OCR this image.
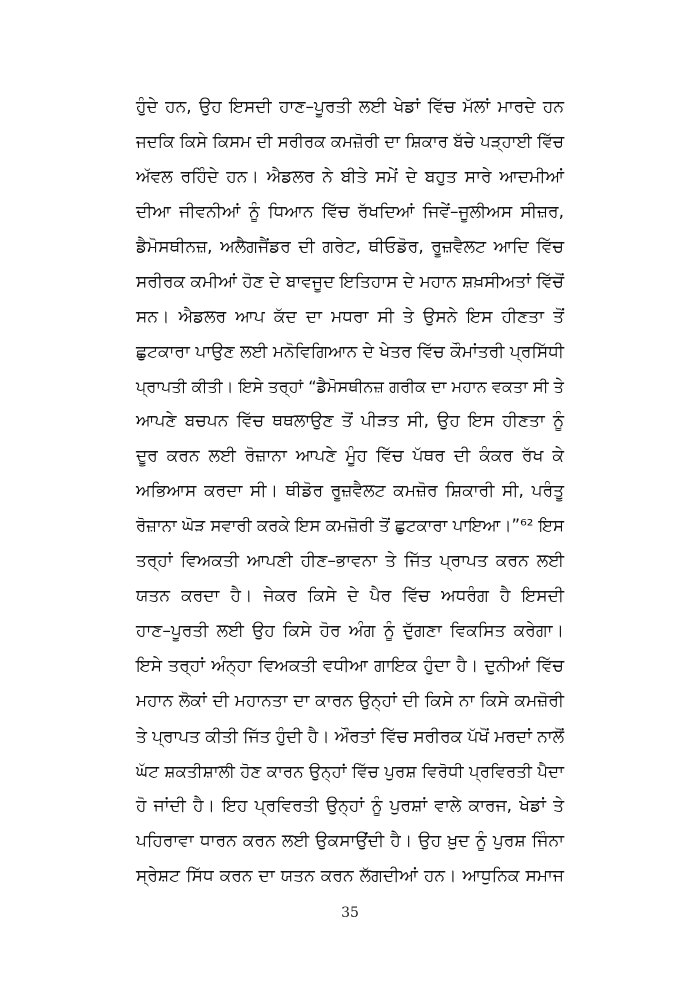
ਹੁੰਦੇ ਹਨ, ਉਹ ਇਸਦੀ ਹਾਣ–ਪੂਰਤੀ ਲਈ ਖੇਡਾਂ ਵਿੱਚ ਮੱਲਾਂ ਮਾਰਦੇ ਹਨ
ਜਦਕਿ ਕਿਸੇ ਕਿਸਮ ਦੀ ਸਰੀਰਕ ਕਮਜ਼ੋਰੀ ਦਾ ਸ਼ਿਕਾਰ ਬੱਚੇ ਪੜ੍ਹਾਈ ਵਿੱਚ
ਅੱਵਲ ਰਹਿੰਦੇ ਹਨ। ਐਡਲਰ ਨੇ ਬੀਤੇ ਸਮੇਂ ਦੇ ਬਹੁਤ ਸਾਰੇ ਆਦਮੀਆਂ
ਦੀਆ ਜੀਵਨੀਆਂ ਨੂੰ ਧਿਆਨ ਵਿੱਚ ਰੱਖਦਿਆਂ ਜਿਵੇਂ–ਜੂਲੀਅਸ ਸੀਜ਼ਰ,
ਡੈਮੋਸਥੀਨਜ਼, ਅਲੈਗਜੈਂਡਰ ਦੀ ਗਰੇਟ, ਥੀਓਡੋਰ, ਰੂਜ਼ਵੈਲਟ ਆਦਿ ਵਿੱਚ
ਸਰੀਰਕ ਕਮੀਆਂ ਹੋਣ ਦੇ ਬਾਵਜੂਦ ਇਤਿਹਾਸ ਦੇ ਮਹਾਨ ਸ਼ਖ਼ਸੀਅਤਾਂ ਵਿੱਚੋਂ
ਸਨ। ਐਡਲਰ ਆਪ ਕੱਦ ਦਾ ਮਧਰਾ ਸੀ ਤੇ ਉਸਨੇ ਇਸ ਹੀਣਤਾ ਤੋਂ
ਛੁਟਕਾਰਾ ਪਾਉਣ ਲਈ ਮਨੋਵਿਗਿਆਨ ਦੇ ਖੇਤਰ ਵਿੱਚ ਕੌਮਾਂਤਰੀ ਪ੍ਰਸਿੱਧੀ
ਪ੍ਰਾਪਤੀ ਕੀਤੀ। ਇਸੇ ਤਰ੍ਹਾਂ “ਡੈਮੋਸਥੀਨਜ਼ ਗਰੀਕ ਦਾ ਮਹਾਨ ਵਕਤਾ ਸੀ ਤੇ
ਆਪਣੇ ਬਚਪਨ ਵਿੱਚ ਥਥਲਾਉਣ ਤੋਂ ਪੀੜਤ ਸੀ, ਉਹ ਇਸ ਹੀਣਤਾ ਨੂੰ
ਦੂਰ ਕਰਨ ਲਈ ਰੋਜ਼ਾਨਾ ਆਪਣੇ ਮੂੰਹ ਵਿੱਚ ਪੱਥਰ ਦੀ ਕੰਕਰ ਰੱਖ ਕੇ
ਅਭਿਆਸ ਕਰਦਾ ਸੀ। ਥੀਡੋਰ ਰੂਜ਼ਵੈਲਟ ਕਮਜ਼ੋਰ ਸ਼ਿਕਾਰੀ ਸੀ, ਪਰੰਤੂ
ਰੋਜ਼ਾਨਾ ਘੋੜ ਸਵਾਰੀ ਕਰਕੇ ਇਸ ਕਮਜ਼ੋਰੀ ਤੋਂ ਛੁਟਕਾਰਾ ਪਾਇਆ।”⁶² ਇਸ
ਤਰ੍ਹਾਂ ਵਿਅਕਤੀ ਆਪਣੀ ਹੀਣ–ਭਾਵਨਾ ਤੇ ਜਿੱਤ ਪ੍ਰਾਪਤ ਕਰਨ ਲਈ
ਯਤਨ ਕਰਦਾ ਹੈ। ਜੇਕਰ ਕਿਸੇ ਦੇ ਪੈਰ ਵਿੱਚ ਅਧਰੰਗ ਹੈ ਇਸਦੀ
ਹਾਣ–ਪੂਰਤੀ ਲਈ ਉਹ ਕਿਸੇ ਹੋਰ ਅੰਗ ਨੂੰ ਦੁੱਗਣਾ ਵਿਕਸਿਤ ਕਰੇਗਾ।
ਇਸੇ ਤਰ੍ਹਾਂ ਅੰਨ੍ਹਾ ਵਿਅਕਤੀ ਵਧੀਆ ਗਾਇਕ ਹੁੰਦਾ ਹੈ। ਦੁਨੀਆਂ ਵਿੱਚ
ਮਹਾਨ ਲੋਕਾਂ ਦੀ ਮਹਾਨਤਾ ਦਾ ਕਾਰਨ ਉਨ੍ਹਾਂ ਦੀ ਕਿਸੇ ਨਾ ਕਿਸੇ ਕਮਜ਼ੋਰੀ
ਤੇ ਪ੍ਰਾਪਤ ਕੀਤੀ ਜਿੱਤ ਹੁੰਦੀ ਹੈ। ਔਰਤਾਂ ਵਿੱਚ ਸਰੀਰਕ ਪੱਖੋਂ ਮਰਦਾਂ ਨਾਲੋਂ
ਘੱਟ ਸ਼ਕਤੀਸ਼ਾਲੀ ਹੋਣ ਕਾਰਨ ਉਨ੍ਹਾਂ ਵਿੱਚ ਪੁਰਸ਼ ਵਿਰੋਧੀ ਪ੍ਰਵਿਰਤੀ ਪੈਦਾ
ਹੋ ਜਾਂਦੀ ਹੈ। ਇਹ ਪ੍ਰਵਿਰਤੀ ਉਨ੍ਹਾਂ ਨੂੰ ਪੁਰਸ਼ਾਂ ਵਾਲੇ ਕਾਰਜ, ਖੇਡਾਂ ਤੇ
ਪਹਿਰਾਵਾ ਧਾਰਨ ਕਰਨ ਲਈ ਉਕਸਾਉਂਦੀ ਹੈ। ਉਹ ਖ਼ੁਦ ਨੂੰ ਪੁਰਸ਼ ਜਿੰਨਾ
ਸ੍ਰੇਸ਼ਟ ਸਿੱਧ ਕਰਨ ਦਾ ਯਤਨ ਕਰਨ ਲੱਗਦੀਆਂ ਹਨ। ਆਧੁਨਿਕ ਸਮਾਜ
35
